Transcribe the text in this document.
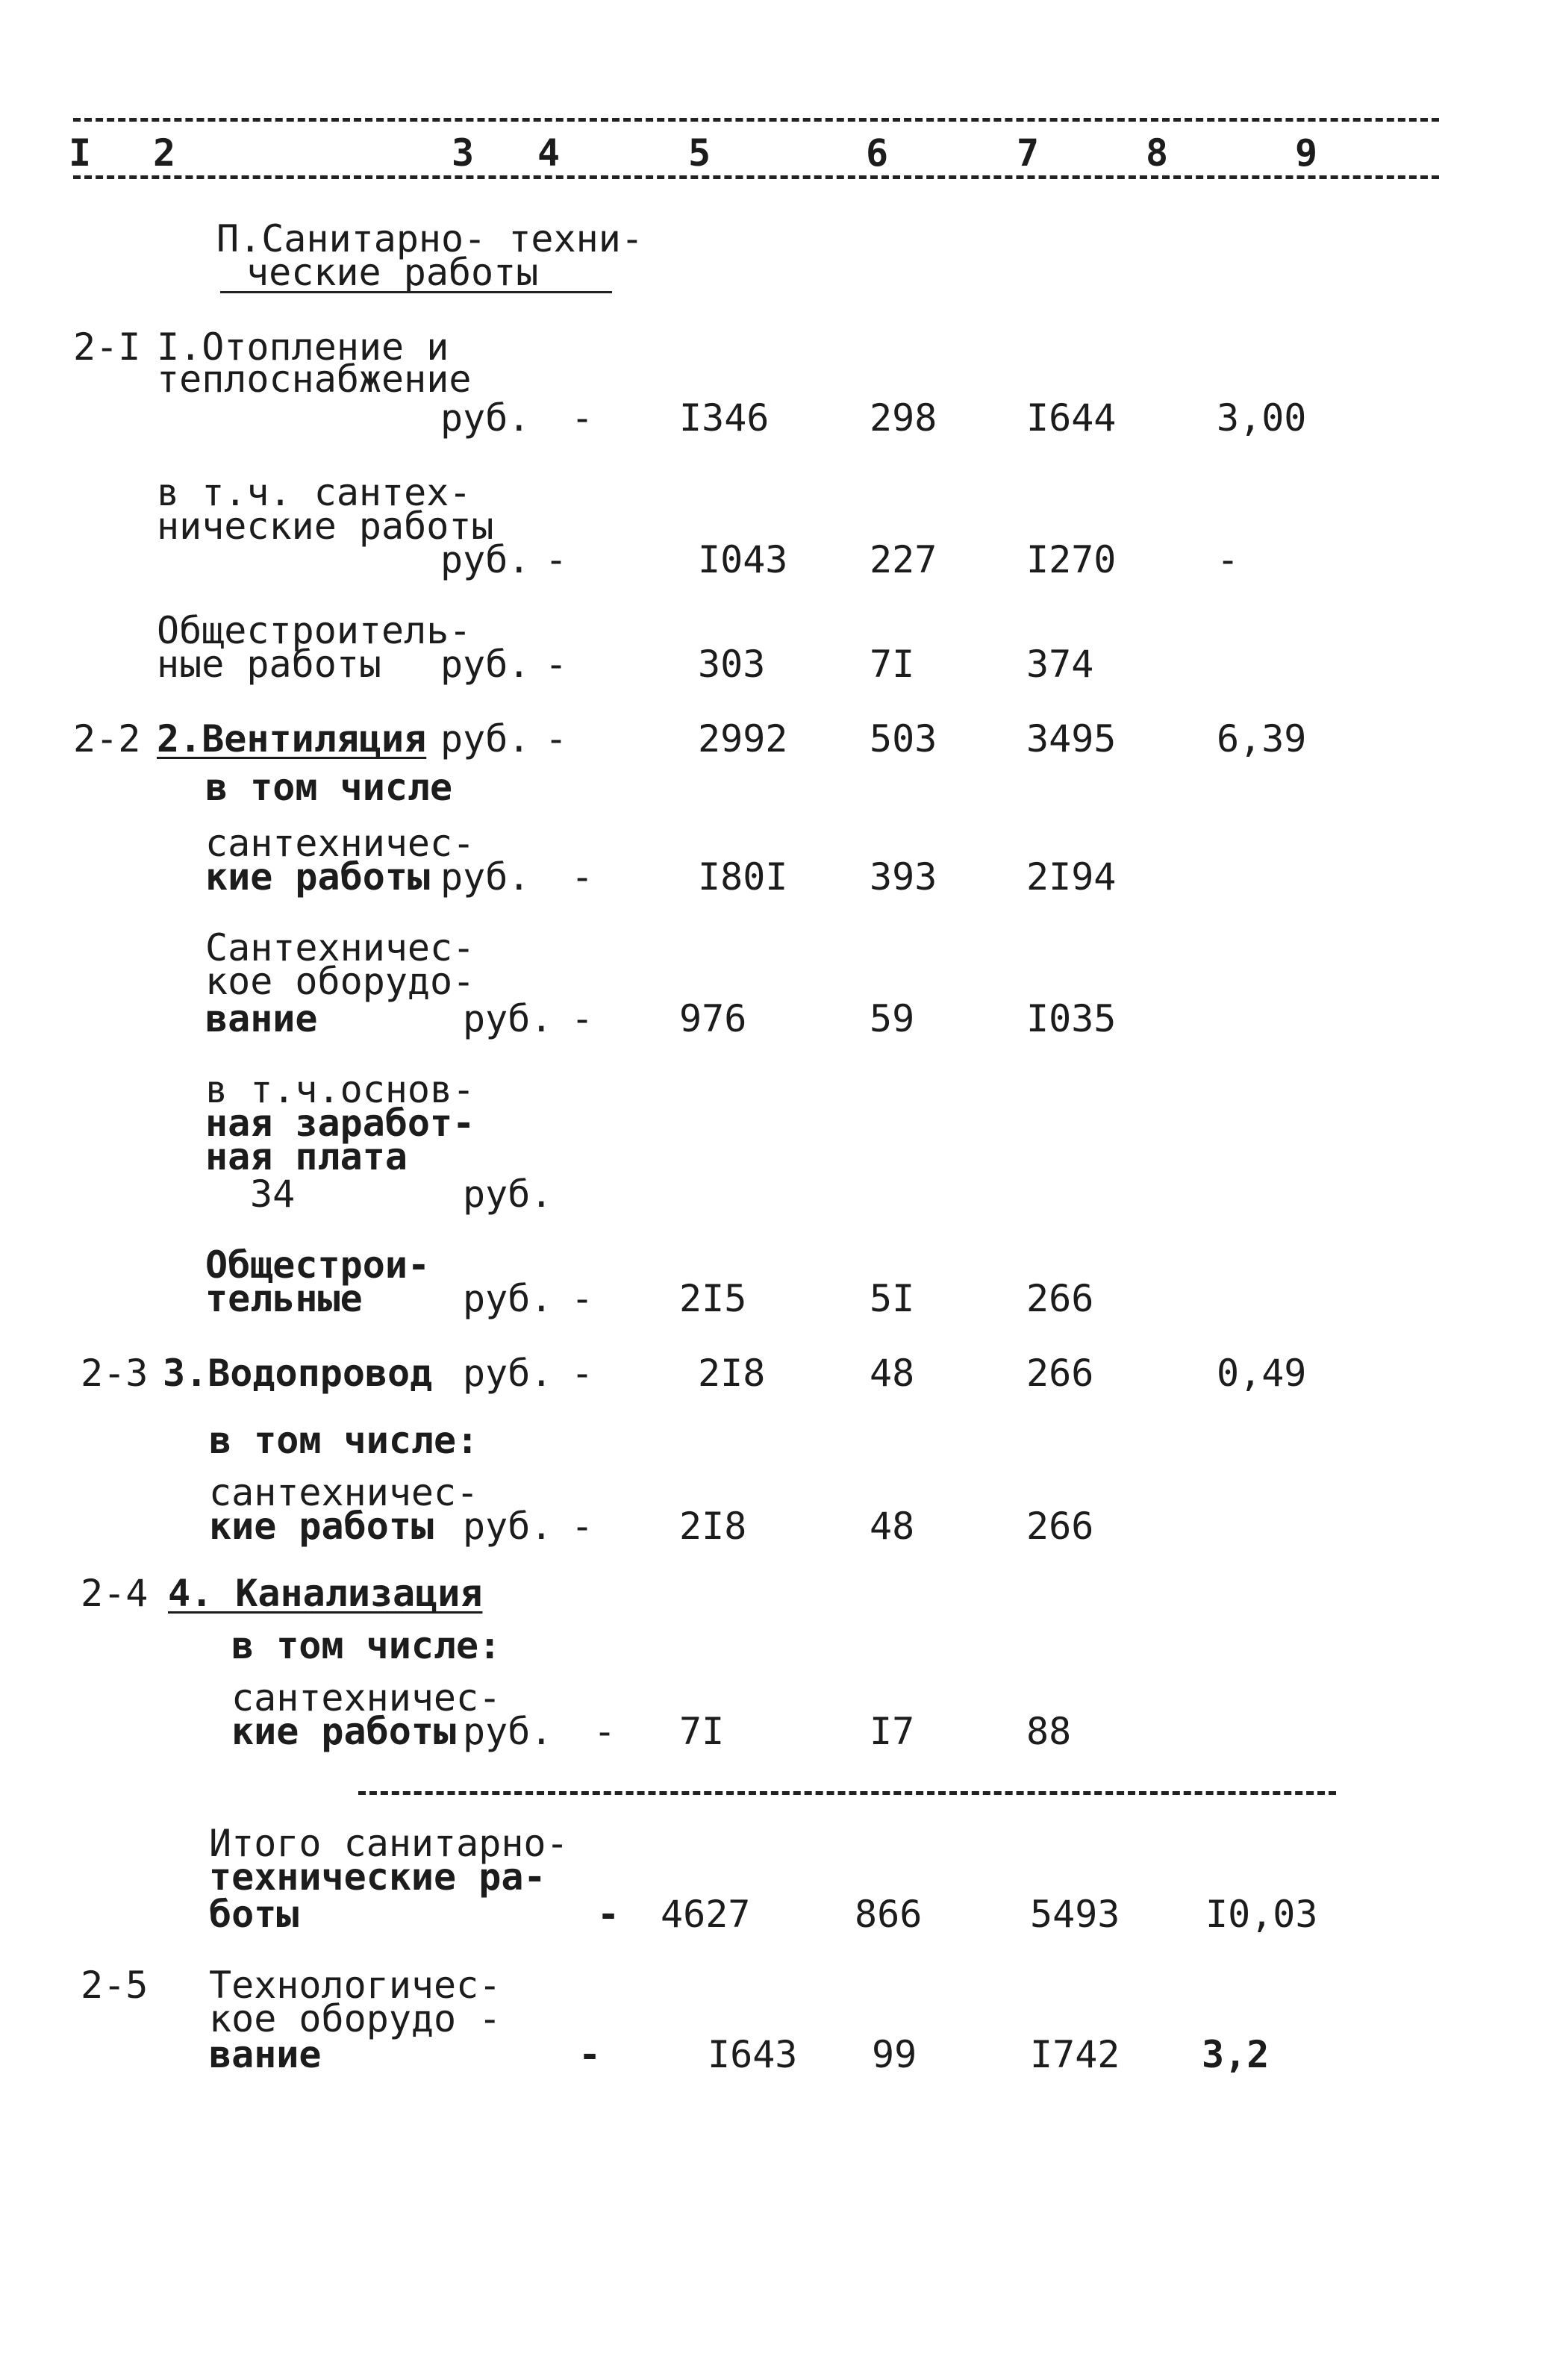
I 2	3 4	5	6	7	8	9
П.Санитарно- техни-
ческие работы
2-I I.Отопление и
теплоснабжение
руб. - I346	298 I644	3,00
в т.ч. сантех-
нические работы
руб. -	I043 227 I270	-
Общестроитель-
ные работы руб. -	303	7I	374
2-2 2.Вентиляция руб. -	2992 503 3495	6,39
в том числе
сантехничес-
кие работы руб. -	I80I 393 2I94
Сантехничес-
кое оборудо-
вание	руб. - 976	59	I035
в т.ч.основ-
ная заработ-
ная плата
34	руб.
Общестрои-
тельные	руб. - 2I5	5I	266
2-3 3.Водопровод руб. -	2I8	48	266	0,49
в том числе:
сантехничес-
кие работы руб. - 2I8	48	266
2-4 4. Канализация
в том числе:
сантехничес-
кие работы руб. - 7I	I7	88
Итого санитарно-
технические ра-
боты	- 4627	866	5493 I0,03
2-5 Технологичес-
кое оборудо -
вание	-	I643 99	I742 3,2
